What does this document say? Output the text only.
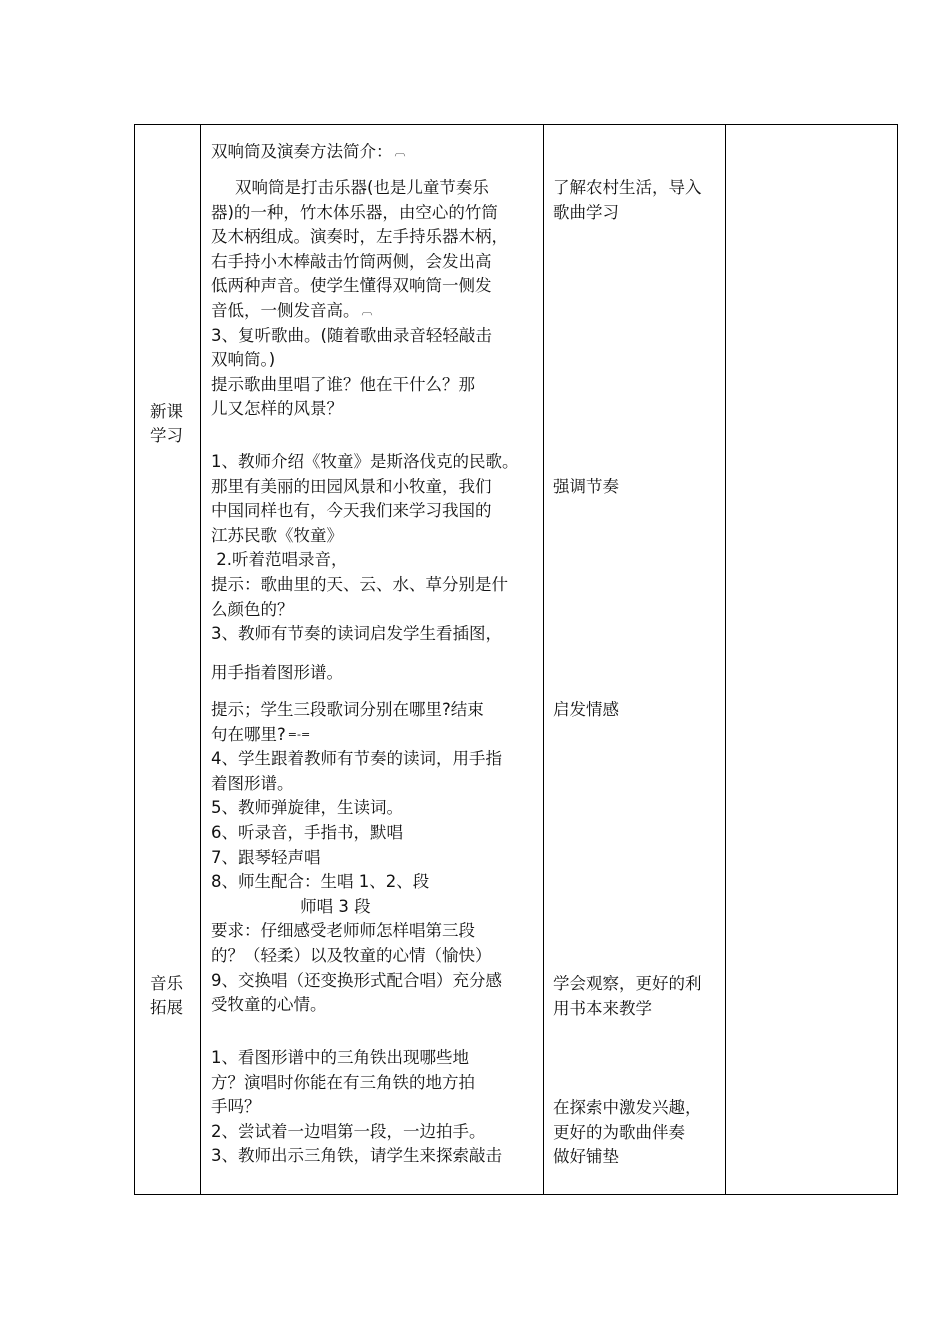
新课
学习
音乐
拓展
双响筒及演奏方法简介： ︹
双响筒是打击乐器(也是儿童节奏乐
器)的一种，竹木体乐器，由空心的竹筒
及木柄组成。演奏时，左手持乐器木柄，
右手持小木棒敲击竹筒两侧，会发出高
低两种声音。使学生懂得双响筒一侧发
音低，一侧发音高。 ︹
3、复听歌曲。(随着歌曲录音轻轻敲击
双响筒。)
提示歌曲里唱了谁？他在干什么？那
儿又怎样的风景？
1、教师介绍《牧童》是斯洛伐克的民歌。
那里有美丽的田园风景和小牧童，我们
中国同样也有，今天我们来学习我国的
江苏民歌《牧童》
2.听着范唱录音，
提示：歌曲里的天、云、水、草分别是什
么颜色的？
3、教师有节奏的读词启发学生看插图，
用手指着图形谱。
提示；学生三段歌词分别在哪里?结束
句在哪里? =-=
4、学生跟着教师有节奏的读词，用手指
着图形谱。
5、教师弹旋律，生读词。
6、听录音，手指书，默唱
7、跟琴轻声唱
8、师生配合：生唱 1、2、段
师唱 3 段
要求：仔细感受老师师怎样唱第三段
的？（轻柔）以及牧童的心情（愉快）
9、交换唱（还变换形式配合唱）充分感
受牧童的心情。
1、看图形谱中的三角铁出现哪些地
方？演唱时你能在有三角铁的地方拍
手吗？
2、尝试着一边唱第一段，一边拍手。
3、教师出示三角铁，请学生来探索敲击
了解农村生活，导入
歌曲学习
强调节奏
启发情感
学会观察，更好的利
用书本来教学
在探索中激发兴趣，
更好的为歌曲伴奏
做好铺垫
